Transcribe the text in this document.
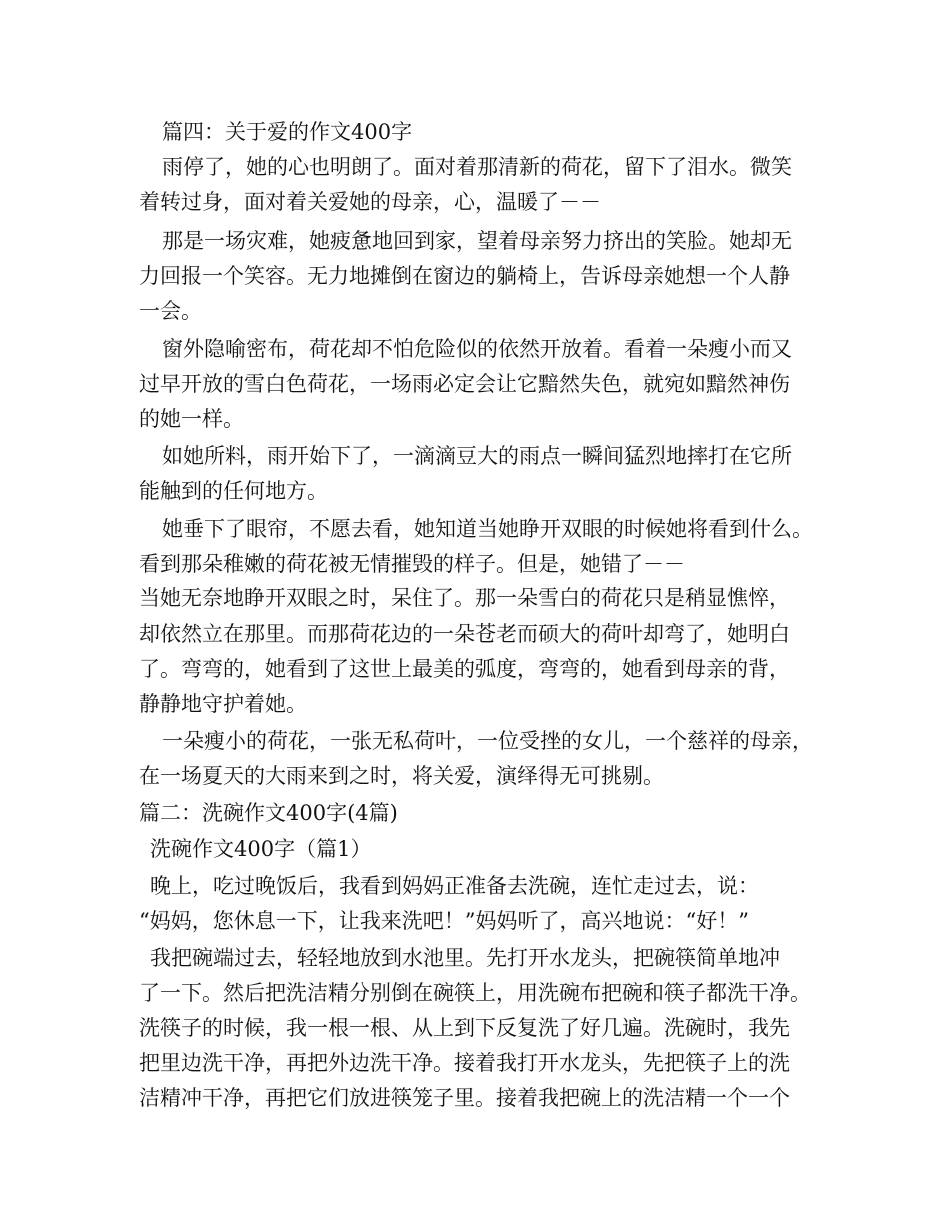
篇四：关于爱的作文400字

雨停了，她的心也明朗了。面对着那清新的荷花，留下了泪水。微笑

着转过身，面对着关爱她的母亲，心，温暖了－－

那是一场灾难，她疲惫地回到家，望着母亲努力挤出的笑脸。她却无

力回报一个笑容。无力地摊倒在窗边的躺椅上，告诉母亲她想一个人静

一会。

窗外隐喻密布，荷花却不怕危险似的依然开放着。看着一朵瘦小而又

过早开放的雪白色荷花，一场雨必定会让它黯然失色，就宛如黯然神伤

的她一样。

如她所料，雨开始下了，一滴滴豆大的雨点一瞬间猛烈地摔打在它所

能触到的任何地方。

她垂下了眼帘，不愿去看，她知道当她睁开双眼的时候她将看到什么。

看到那朵稚嫩的荷花被无情摧毁的样子。但是，她错了－－

当她无奈地睁开双眼之时，呆住了。那一朵雪白的荷花只是稍显憔悴，

却依然立在那里。而那荷花边的一朵苍老而硕大的荷叶却弯了，她明白

了。弯弯的，她看到了这世上最美的弧度，弯弯的，她看到母亲的背，

静静地守护着她。

一朵瘦小的荷花，一张无私荷叶，一位受挫的女儿，一个慈祥的母亲，

在一场夏天的大雨来到之时，将关爱，演绎得无可挑剔。

篇二：洗碗作文400字(4篇)

洗碗作文400字（篇1）

晚上，吃过晚饭后，我看到妈妈正准备去洗碗，连忙走过去，说：

“妈妈，您休息一下，让我来洗吧！”妈妈听了，高兴地说：“好！”

我把碗端过去，轻轻地放到水池里。先打开水龙头，把碗筷简单地冲

了一下。然后把洗洁精分别倒在碗筷上，用洗碗布把碗和筷子都洗干净。

洗筷子的时候，我一根一根、从上到下反复洗了好几遍。洗碗时，我先

把里边洗干净，再把外边洗干净。接着我打开水龙头，先把筷子上的洗

洁精冲干净，再把它们放进筷笼子里。接着我把碗上的洗洁精一个一个
